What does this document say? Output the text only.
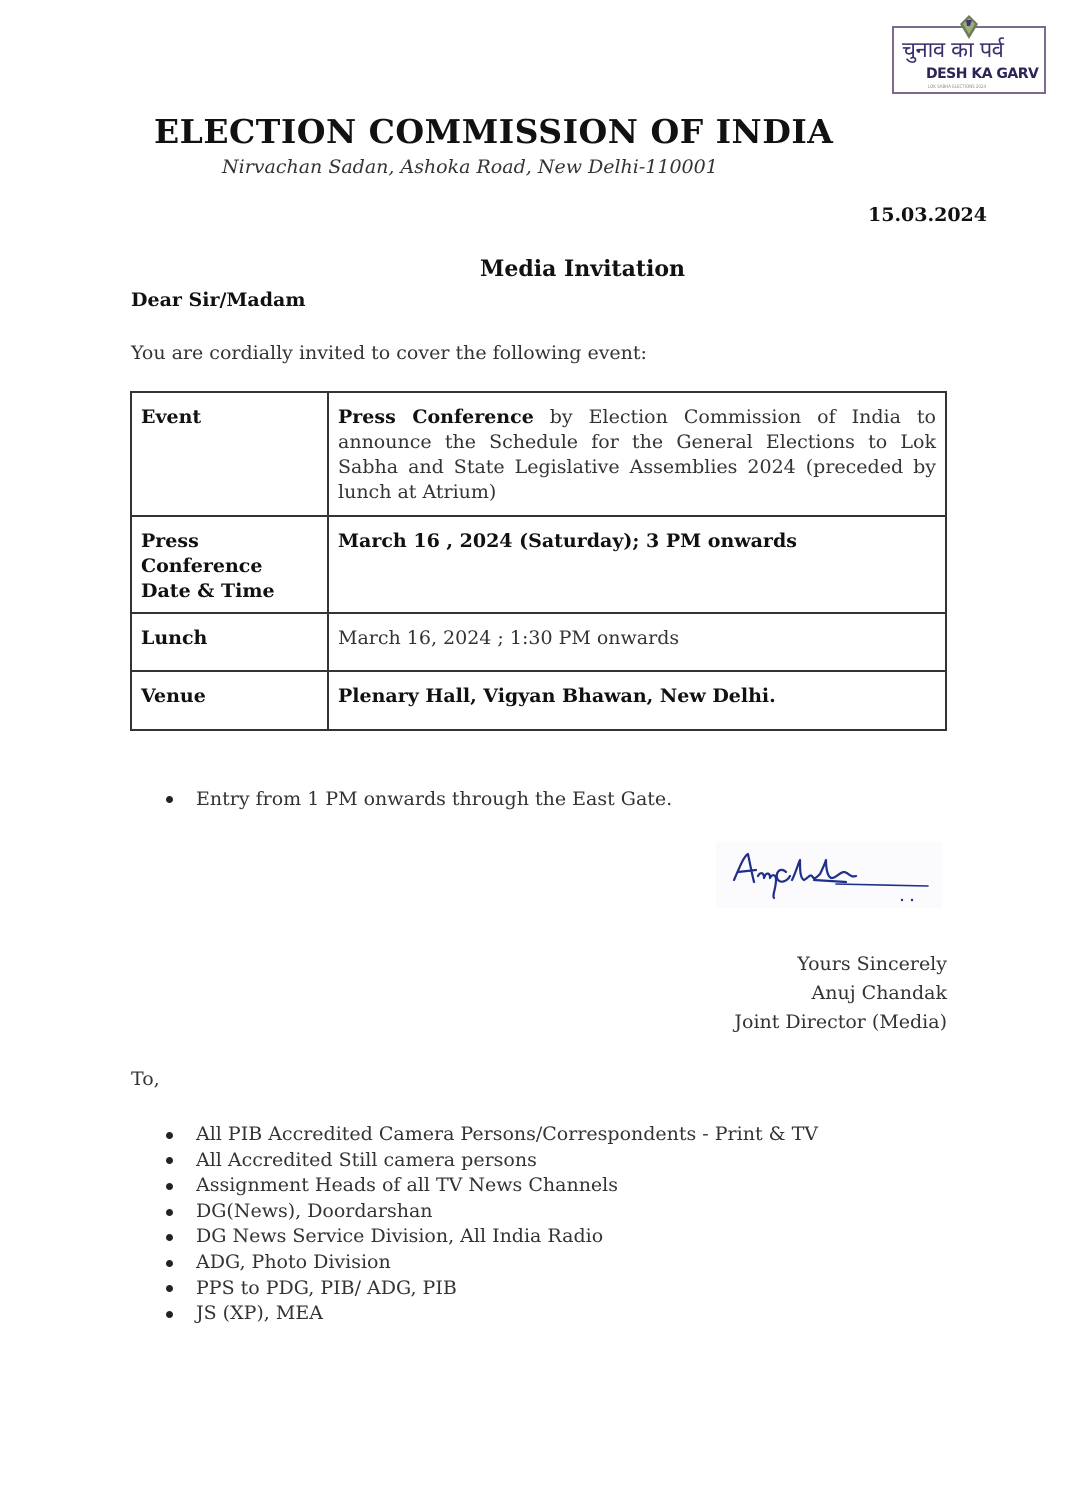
चुनाव का पर्व
DESH KA GARV
LOK SABHA ELECTIONS 2024
ELECTION COMMISSION OF INDIA
Nirvachan Sadan, Ashoka Road, New Delhi-110001
15.03.2024
Media Invitation
Dear Sir/Madam
You are cordially invited to cover the following event:
Event	Press Conference by Election Commission of India to announce the Schedule for the General Elections to Lok Sabha and State Legislative Assemblies 2024 (preceded by lunch at Atrium)

Press
Conference
Date & Time	March 16 , 2024 (Saturday); 3 PM onwards
Lunch	March 16, 2024 ; 1:30 PM onwards
Venue	Plenary Hall, Vigyan Bhawan, New Delhi.
Entry from 1 PM onwards through the East Gate.
Yours Sincerely
Anuj Chandak
Joint Director (Media)
To,
All PIB Accredited Camera Persons/Correspondents - Print & TV
All Accredited Still camera persons
Assignment Heads of all TV News Channels
DG(News), Doordarshan
DG News Service Division, All India Radio
ADG, Photo Division
PPS to PDG, PIB/ ADG, PIB
JS (XP), MEA
